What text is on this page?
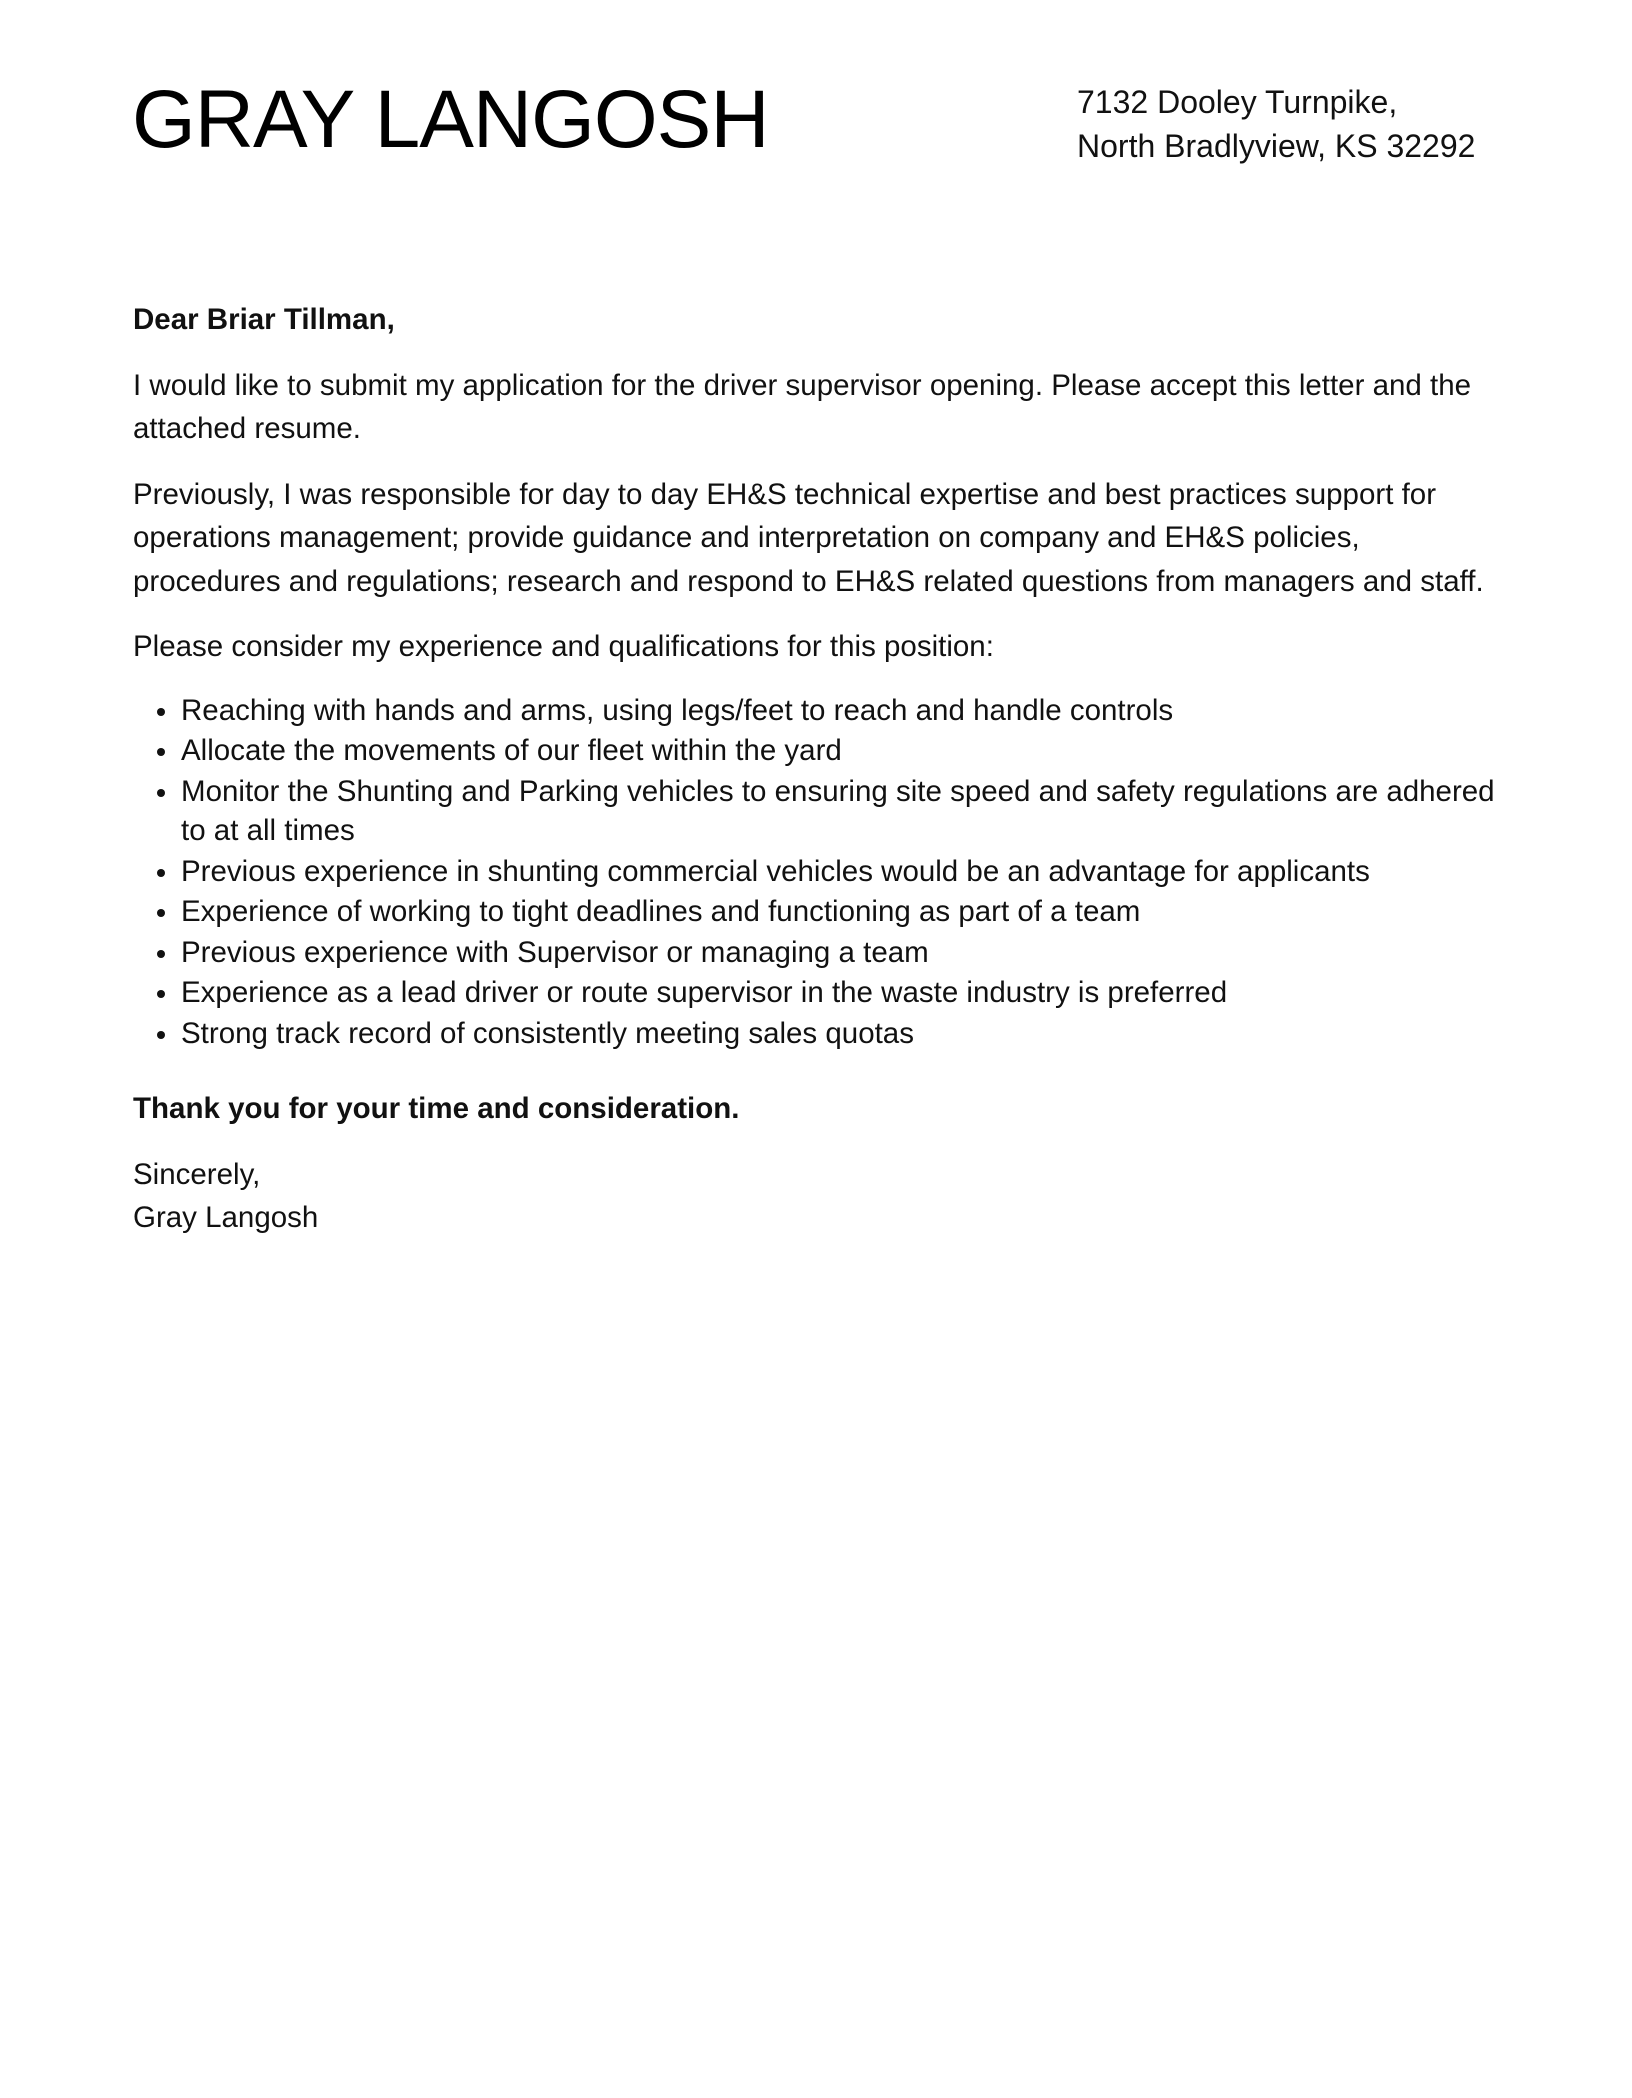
GRAY LANGOSH	7132 Dooley Turnpike,
North Bradlyview, KS 32292

Dear Briar Tillman,

I would like to submit my application for the driver supervisor opening. Please accept this letter and the attached resume.

Previously, I was responsible for day to day EH&S technical expertise and best practices support for operations management; provide guidance and interpretation on company and EH&S policies, procedures and regulations; research and respond to EH&S related questions from managers and staff.

Please consider my experience and qualifications for this position:

Reaching with hands and arms, using legs/feet to reach and handle controls
Allocate the movements of our fleet within the yard
Monitor the Shunting and Parking vehicles to ensuring site speed and safety regulations are adhered to at all times
Previous experience in shunting commercial vehicles would be an advantage for applicants
Experience of working to tight deadlines and functioning as part of a team
Previous experience with Supervisor or managing a team
Experience as a lead driver or route supervisor in the waste industry is preferred
Strong track record of consistently meeting sales quotas

Thank you for your time and consideration.

Sincerely,
Gray Langosh
